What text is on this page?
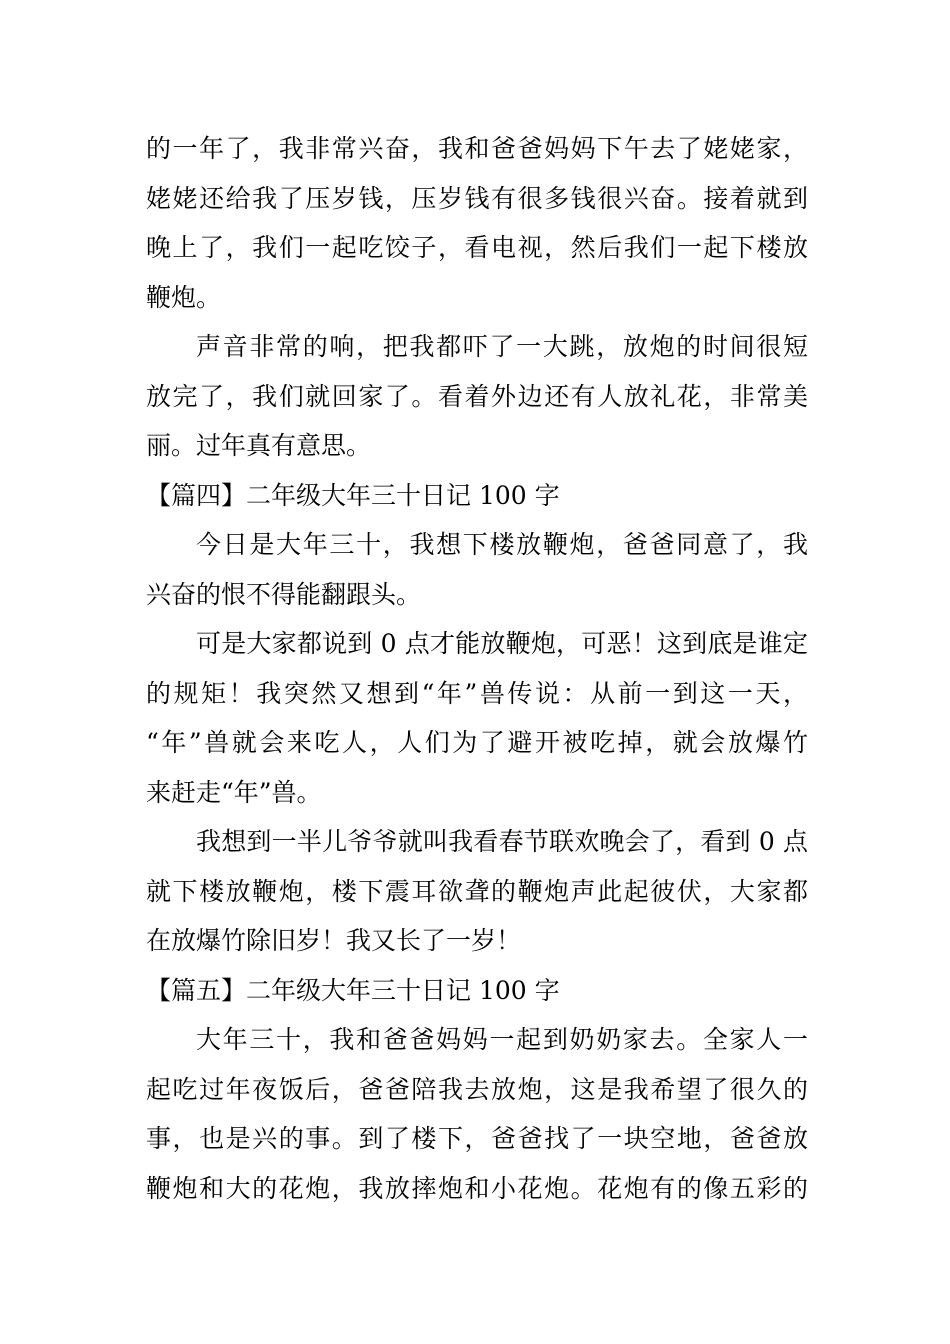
的一年了，我非常兴奋，我和爸爸妈妈下午去了姥姥家，
姥姥还给我了压岁钱，压岁钱有很多钱很兴奋。接着就到
晚上了，我们一起吃饺子，看电视，然后我们一起下楼放
鞭炮。
声音非常的响，把我都吓了一大跳，放炮的时间很短
放完了，我们就回家了。看着外边还有人放礼花，非常美
丽。过年真有意思。
【篇四】二年级大年三十日记 100 字
今日是大年三十，我想下楼放鞭炮，爸爸同意了，我
兴奋的恨不得能翻跟头。
可是大家都说到 0 点才能放鞭炮，可恶！这到底是谁定
的规矩！我突然又想到“年”兽传说：从前一到这一天，
“年”兽就会来吃人，人们为了避开被吃掉，就会放爆竹
来赶走“年”兽。
我想到一半儿爷爷就叫我看春节联欢晚会了，看到 0 点
就下楼放鞭炮，楼下震耳欲聋的鞭炮声此起彼伏，大家都
在放爆竹除旧岁！我又长了一岁！
【篇五】二年级大年三十日记 100 字
大年三十，我和爸爸妈妈一起到奶奶家去。全家人一
起吃过年夜饭后，爸爸陪我去放炮，这是我希望了很久的
事，也是兴的事。到了楼下，爸爸找了一块空地，爸爸放
鞭炮和大的花炮，我放摔炮和小花炮。花炮有的像五彩的
